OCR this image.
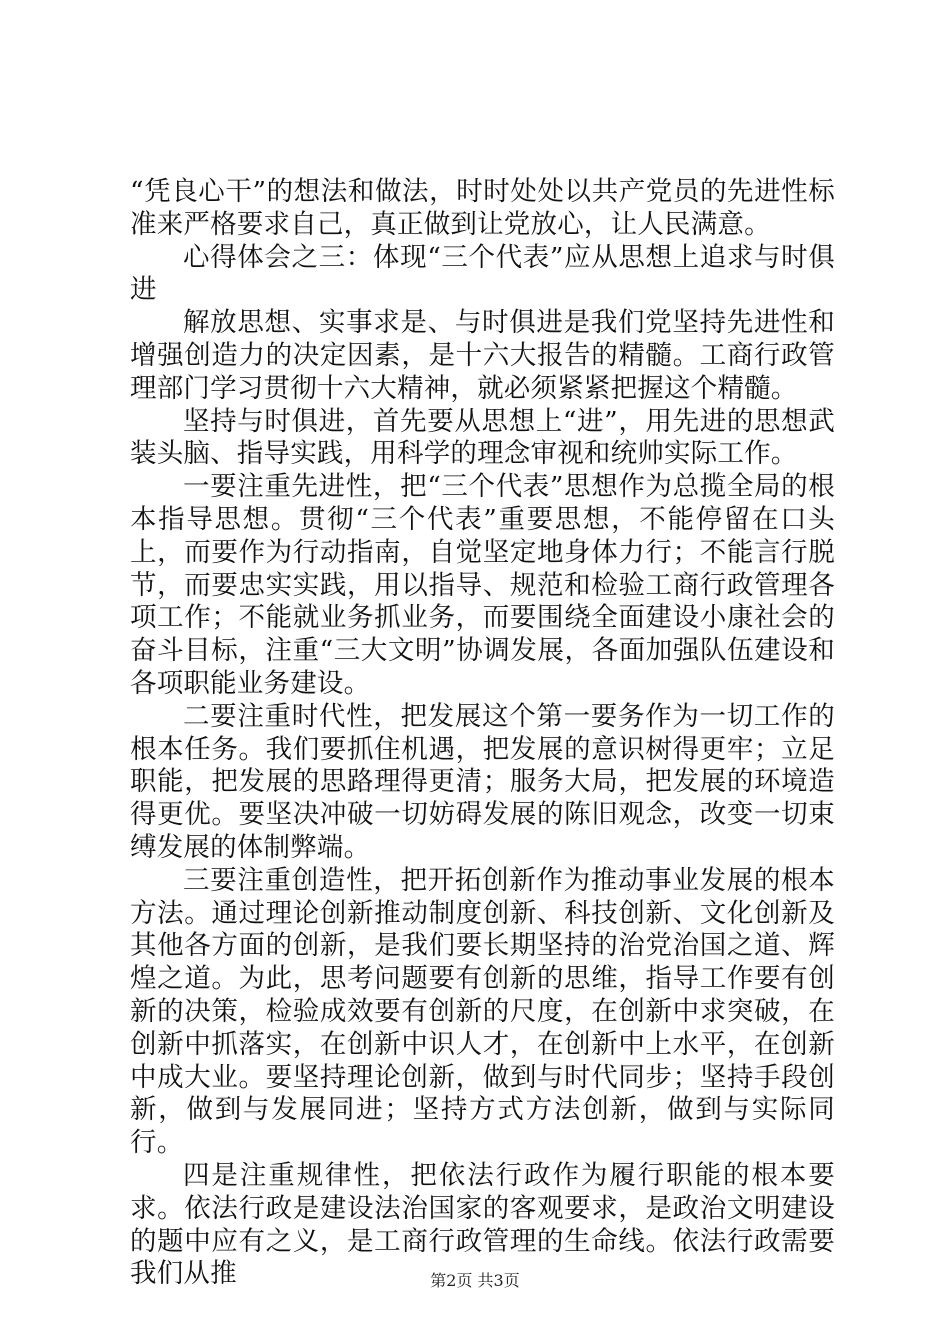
“凭良心干”的想法和做法，时时处处以共产党员的先进性标准来严格要求自己，真正做到让党放心，让人民满意。

心得体会之三：体现“三个代表”应从思想上追求与时俱进

解放思想、实事求是、与时俱进是我们党坚持先进性和增强创造力的决定因素，是十六大报告的精髓。工商行政管理部门学习贯彻十六大精神，就必须紧紧把握这个精髓。

坚持与时俱进，首先要从思想上“进”，用先进的思想武装头脑、指导实践，用科学的理念审视和统帅实际工作。

一要注重先进性，把“三个代表”思想作为总揽全局的根本指导思想。贯彻“三个代表”重要思想，不能停留在口头上，而要作为行动指南，自觉坚定地身体力行；不能言行脱节，而要忠实实践，用以指导、规范和检验工商行政管理各项工作；不能就业务抓业务，而要围绕全面建设小康社会的奋斗目标，注重“三大文明”协调发展，各面加强队伍建设和各项职能业务建设。

二要注重时代性，把发展这个第一要务作为一切工作的根本任务。我们要抓住机遇，把发展的意识树得更牢；立足职能，把发展的思路理得更清；服务大局，把发展的环境造得更优。要坚决冲破一切妨碍发展的陈旧观念，改变一切束缚发展的体制弊端。

三要注重创造性，把开拓创新作为推动事业发展的根本方法。通过理论创新推动制度创新、科技创新、文化创新及其他各方面的创新，是我们要长期坚持的治党治国之道、辉煌之道。为此，思考问题要有创新的思维，指导工作要有创新的决策，检验成效要有创新的尺度，在创新中求突破，在创新中抓落实，在创新中识人才，在创新中上水平，在创新中成大业。要坚持理论创新，做到与时代同步；坚持手段创新，做到与发展同进；坚持方式方法创新，做到与实际同行。

四是注重规律性，把依法行政作为履行职能的根本要求。依法行政是建设法治国家的客观要求，是政治文明建设的题中应有之义，是工商行政管理的生命线。依法行政需要我们从推	第2页 共3页
